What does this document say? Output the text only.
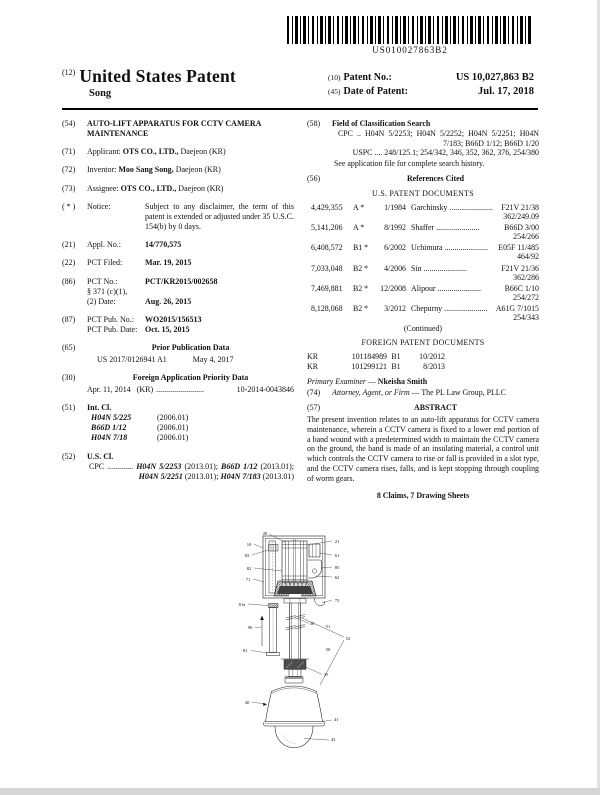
US010027863B2
$^{(12)}$ United States Patent
Song
(10) Patent No.:	US 10,027,863 B2
(45) Date of Patent:	Jul. 17, 2018
(54)	AUTO-LIFT APPARATUS FOR CCTV CAMERA MAINTENANCE
(71)	Applicant: OTS CO., LTD., Daejeon (KR)
(72)	Inventor: Moo Sang Song, Daejeon (KR)
(73)	Assignee: OTS CO., LTD., Daejeon (KR)
( * )	Notice:	Subject to any disclaimer, the term of this patent is extended or adjusted under 35 U.S.C. 154(b) by 0 days.
(21)	Appl. No.:	14/770,575
(22)	PCT Filed:	Mar. 19, 2015
(86)	PCT No.:	PCT/KR2015/002658
§ 371 (c)(1),
(2) Date:	Aug. 26, 2015
(87)	PCT Pub. No.:	WO2015/156513
PCT Pub. Date: Oct. 15, 2015
(65)	Prior Publication Data
US 2017/0126941 A1	May 4, 2017
(30)	Foreign Application Priority Data
Apr. 11, 2014 (KR) ........................	10-2014-0043846
(51)	Int. Cl.
H04N 5/225	(2006.01)
B66D 1/12	(2006.01)
H04N 7/18	(2006.01)
(52)	U.S. Cl.
CPC ............. H04N 5/2253 (2013.01); B66D 1/12 (2013.01); H04N 5/2251 (2013.01); H04N 7/183 (2013.01)
(58)	Field of Classification Search
CPC .. H04N 5/2253; H04N 5/2252; H04N 5/2251; H04N 7/183; B66D 1/12; B66D 1/20
USPC .... 248/125.1; 254/342, 346, 352, 362, 376, 254/380
See application file for complete search history.
(56)	References Cited
U.S. PATENT DOCUMENTS
4,429,355	A *	1/1984 Garchinsky ......................	F21V 21/38
362/249.09
5,141,206	A *	8/1992 Shaffer ......................	B66D 3/00
254/266
6,408,572	B1 *	6/2002 Uchimura ......................	E05F 11/485
464/92
7,033,048	B2 *	4/2006 Sin ......................	F21V 21/36
362/286
7,469,881	B2 *	12/2008 Alipour ......................	B66C 1/10
254/272
8,128,068	B2 *	3/2012 Chepurny ......................	A61G 7/1015
254/343
(Continued)
FOREIGN PATENT DOCUMENTS
KR	101184989 B1	10/2012
KR	101299121 B1	8/2013
Primary Examiner — Nkeisha Smith
(74)	Attorney, Agent, or Firm — The PL Law Group, PLLC
(57)	ABSTRACT
The present invention relates to an auto-lift apparatus for CCTV camera maintenance, wherein a CCTV camera is fixed to a lower end portion of a band wound with a predetermined width to maintain the CCTV camera on the ground, the band is made of an insulating material, a control unit which controls the CCTV camera to rise or fall is provided in a slot type, and the CCTV camera rises, falls, and is kept stopping through coupling of worm gears.
8 Claims, 7 Drawing Sheets
20
10
83
82
71
21
61
85
62
73
81a
90
81
30
51
52
50
35
40
41
43
